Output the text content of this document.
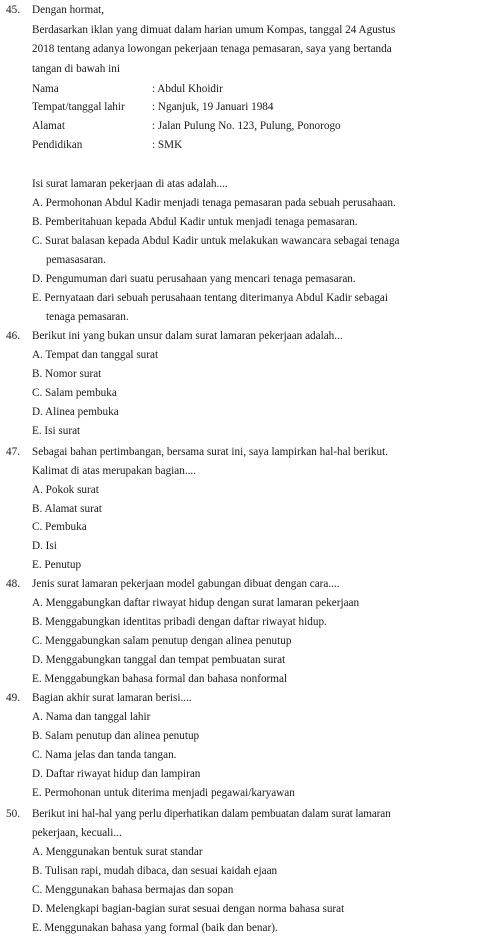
45. Dengan hormat,
Berdasarkan iklan yang dimuat dalam harian umum Kompas, tanggal 24 Agustus
2018 tentang adanya lowongan pekerjaan tenaga pemasaran, saya yang bertanda
tangan di bawah ini
Nama	: Abdul Khoidir
Tempat/tanggal lahir : Nganjuk, 19 Januari 1984
Alamat	: Jalan Pulung No. 123, Pulung, Ponorogo
Pendidikan	: SMK
Isi surat lamaran pekerjaan di atas adalah....
A. Permohonan Abdul Kadir menjadi tenaga pemasaran pada sebuah perusahaan.
B. Pemberitahuan kepada Abdul Kadir untuk menjadi tenaga pemasaran.
C. Surat balasan kepada Abdul Kadir untuk melakukan wawancara sebagai tenaga
pemasasaran.
D. Pengumuman dari suatu perusahaan yang mencari tenaga pemasaran.
E. Pernyataan dari sebuah perusahaan tentang diterimanya Abdul Kadir sebagai
tenaga pemasaran.
46. Berikut ini yang bukan unsur dalam surat lamaran pekerjaan adalah...
A. Tempat dan tanggal surat
B. Nomor surat
C. Salam pembuka
D. Alinea pembuka
E. Isi surat
47. Sebagai bahan pertimbangan, bersama surat ini, saya lampirkan hal-hal berikut.
Kalimat di atas merupakan bagian....
A. Pokok surat
B. Alamat surat
C. Pembuka
D. Isi
E. Penutup
48. Jenis surat lamaran pekerjaan model gabungan dibuat dengan cara....
A. Menggabungkan daftar riwayat hidup dengan surat lamaran pekerjaan
B. Menggabungkan identitas pribadi dengan daftar riwayat hidup.
C. Menggabungkan salam penutup dengan alinea penutup
D. Menggabungkan tanggal dan tempat pembuatan surat
E. Menggabungkan bahasa formal dan bahasa nonformal
49. Bagian akhir surat lamaran berisi....
A. Nama dan tanggal lahir
B. Salam penutup dan alinea penutup
C. Nama jelas dan tanda tangan.
D. Daftar riwayat hidup dan lampiran
E. Permohonan untuk diterima menjadi pegawai/karyawan
50. Berikut ini hal-hal yang perlu diperhatikan dalam pembuatan dalam surat lamaran
pekerjaan, kecuali...
A. Menggunakan bentuk surat standar
B. Tulisan rapi, mudah dibaca, dan sesuai kaidah ejaan
C. Menggunakan bahasa bermajas dan sopan
D. Melengkapi bagian-bagian surat sesuai dengan norma bahasa surat
E. Menggunakan bahasa yang formal (baik dan benar).
